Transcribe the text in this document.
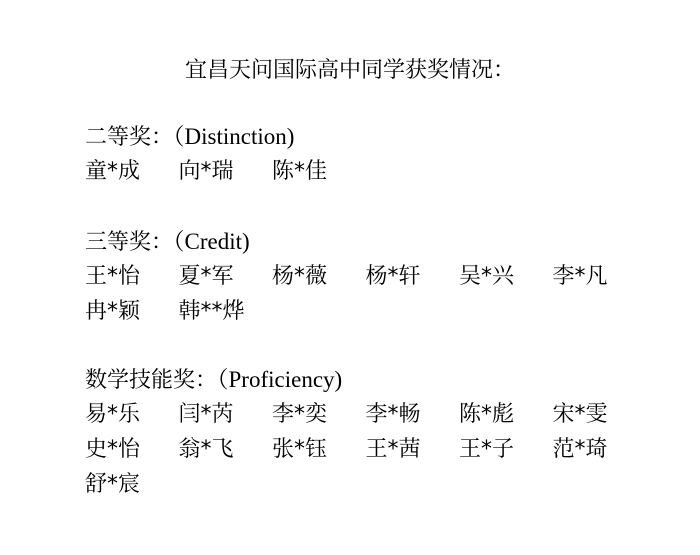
宜昌天问国际高中同学获奖情况：
二等奖：（Distinction)
童*成	向*瑞	陈*佳
三等奖：（Credit)
王*怡	夏*军	杨*薇	杨*轩	吴*兴	李*凡
冉*颖	韩**烨
数学技能奖：（Proficiency)
易*乐	闫*芮	李*奕	李*畅	陈*彪	宋*雯
史*怡	翁*飞	张*钰	王*茜	王*子	范*琦
舒*宸
